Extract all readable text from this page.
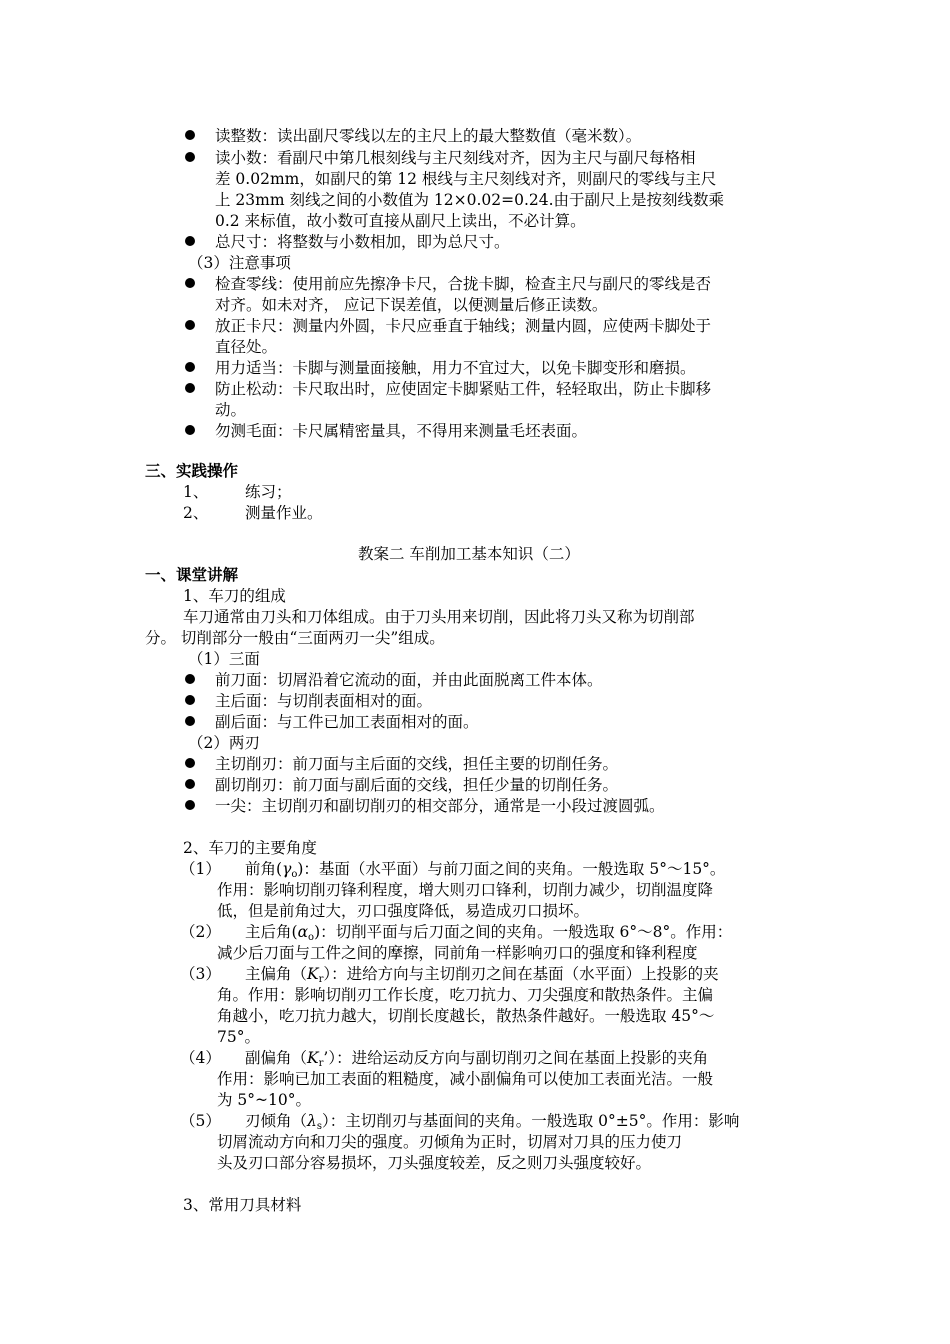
读整数：读出副尺零线以左的主尺上的最大整数值（毫米数）。
读小数：看副尺中第几根刻线与主尺刻线对齐，因为主尺与副尺每格相
差 0.02mm，如副尺的第 12 根线与主尺刻线对齐，则副尺的零线与主尺
上 23mm 刻线之间的小数值为 12×0.02=0.24.由于副尺上是按刻线数乘
0.2 来标值，故小数可直接从副尺上读出，不必计算。
总尺寸：将整数与小数相加，即为总尺寸。
（3）注意事项
检查零线：使用前应先擦净卡尺，合拢卡脚，检查主尺与副尺的零线是否
对齐。如未对齐， 应记下误差值，以便测量后修正读数。
放正卡尺：测量内外圆，卡尺应垂直于轴线；测量内圆，应使两卡脚处于
直径处。
用力适当：卡脚与测量面接触，用力不宜过大，以免卡脚变形和磨损。
防止松动：卡尺取出时，应使固定卡脚紧贴工件，轻轻取出，防止卡脚移
动。
勿测毛面：卡尺属精密量具，不得用来测量毛坯表面。
三、实践操作
1、 练习；
2、 测量作业。
教案二 车削加工基本知识（二）
一、课堂讲解
1、车刀的组成
车刀通常由刀头和刀体组成。由于刀头用来切削，因此将刀头又称为切削部
分。 切削部分一般由“三面两刃一尖”组成。
（1）三面
前刀面：切屑沿着它流动的面，并由此面脱离工件本体。
主后面：与切削表面相对的面。
副后面：与工件已加工表面相对的面。
（2）两刃
主切削刃：前刀面与主后面的交线，担任主要的切削任务。
副切削刃：前刀面与副后面的交线，担任少量的切削任务。
一尖：主切削刃和副切削刃的相交部分，通常是一小段过渡圆弧。
2、车刀的主要角度
（1） 前角$(\gamma_o)$：基面（水平面）与前刀面之间的夹角。一般选取 5°～15°。
作用：影响切削刃锋利程度，增大则刃口锋利，切削力减少，切削温度降
低，但是前角过大，刃口强度降低，易造成刃口损坏。
（2） 主后角$(\alpha_o)$：切削平面与后刀面之间的夹角。一般选取 6°～8°。作用：
减少后刀面与工件之间的摩擦，同前角一样影响刃口的强度和锋利程度
（3） 主偏角$(K_r)$：进给方向与主切削刃之间在基面（水平面）上投影的夹
角。作用：影响切削刃工作长度，吃刀抗力、刀尖强度和散热条件。主偏
角越小，吃刀抗力越大，切削长度越长，散热条件越好。一般选取 45°～
75°。
（4） 副偏角$(K_r’)$：进给运动反方向与副切削刃之间在基面上投影的夹角
作用：影响已加工表面的粗糙度，减小副偏角可以使加工表面光洁。一般
为 5°~10°。
（5） 刃倾角$(\lambda_s)$：主切削刃与基面间的夹角。一般选取 0°±5°。作用：影响
切屑流动方向和刀尖的强度。刃倾角为正时，切屑对刀具的压力使刀
头及刃口部分容易损坏，刀头强度较差，反之则刀头强度较好。
3、常用刀具材料
